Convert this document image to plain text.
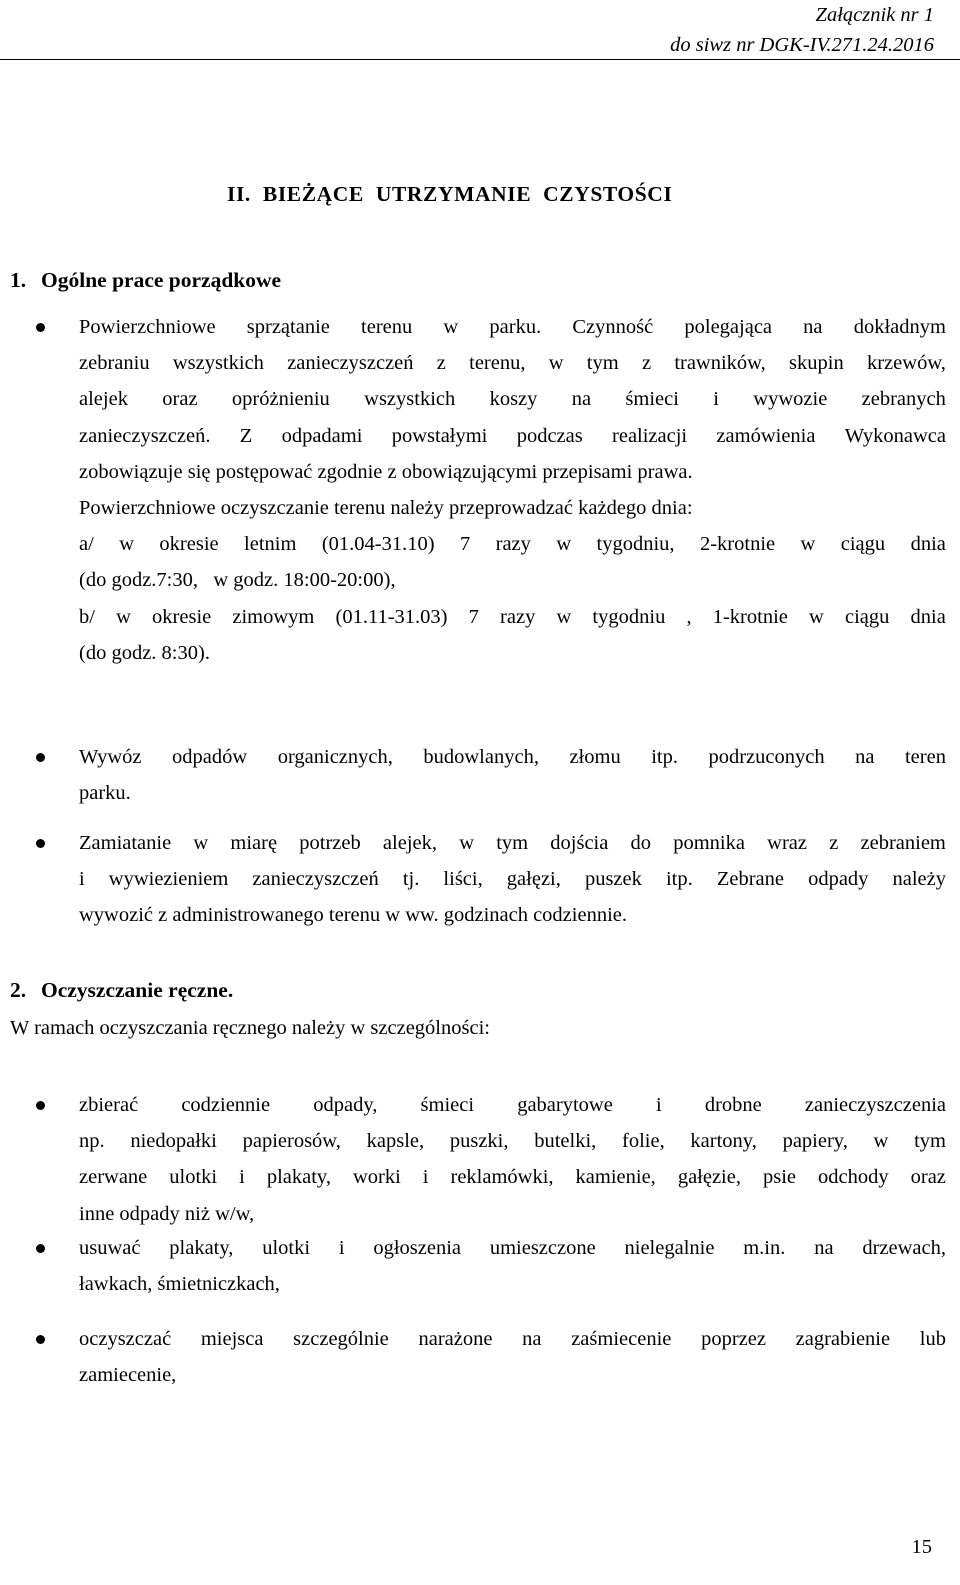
Załącznik nr 1
do siwz nr DGK-IV.271.24.2016
II. BIEŻĄCE UTRZYMANIE CZYSTOŚCI
1. Ogólne prace porządkowe
Powierzchniowe sprzątanie terenu w parku. Czynność polegająca na dokładnym
zebraniu wszystkich zanieczyszczeń z terenu, w tym z trawników, skupin krzewów,
alejek oraz opróżnieniu wszystkich koszy na śmieci i wywozie zebranych
zanieczyszczeń. Z odpadami powstałymi podczas realizacji zamówienia Wykonawca
zobowiązuje się postępować zgodnie z obowiązującymi przepisami prawa.
Powierzchniowe oczyszczanie terenu należy przeprowadzać każdego dnia:
a/ w okresie letnim (01.04-31.10) 7 razy w tygodniu, 2-krotnie w ciągu dnia
(do godz.7:30,   w godz. 18:00-20:00),
b/ w okresie zimowym (01.11-31.03) 7 razy w tygodniu , 1-krotnie w ciągu dnia
(do godz. 8:30).
Wywóz odpadów organicznych, budowlanych, złomu itp. podrzuconych na teren
parku.
Zamiatanie w miarę potrzeb alejek, w tym dojścia do pomnika wraz z zebraniem
i wywiezieniem zanieczyszczeń tj. liści, gałęzi, puszek itp. Zebrane odpady należy
wywozić z administrowanego terenu w ww. godzinach codziennie.
2. Oczyszczanie ręczne.
W ramach oczyszczania ręcznego należy w szczególności:
zbierać codziennie odpady, śmieci gabarytowe i drobne zanieczyszczenia
np. niedopałki papierosów, kapsle, puszki, butelki, folie, kartony, papiery, w tym
zerwane ulotki i plakaty, worki i reklamówki, kamienie, gałęzie, psie odchody oraz
inne odpady niż w/w,
usuwać plakaty, ulotki i ogłoszenia umieszczone nielegalnie m.in. na drzewach,
ławkach, śmietniczkach,
oczyszczać miejsca szczególnie narażone na zaśmiecenie poprzez zagrabienie lub
zamiecenie,
15
